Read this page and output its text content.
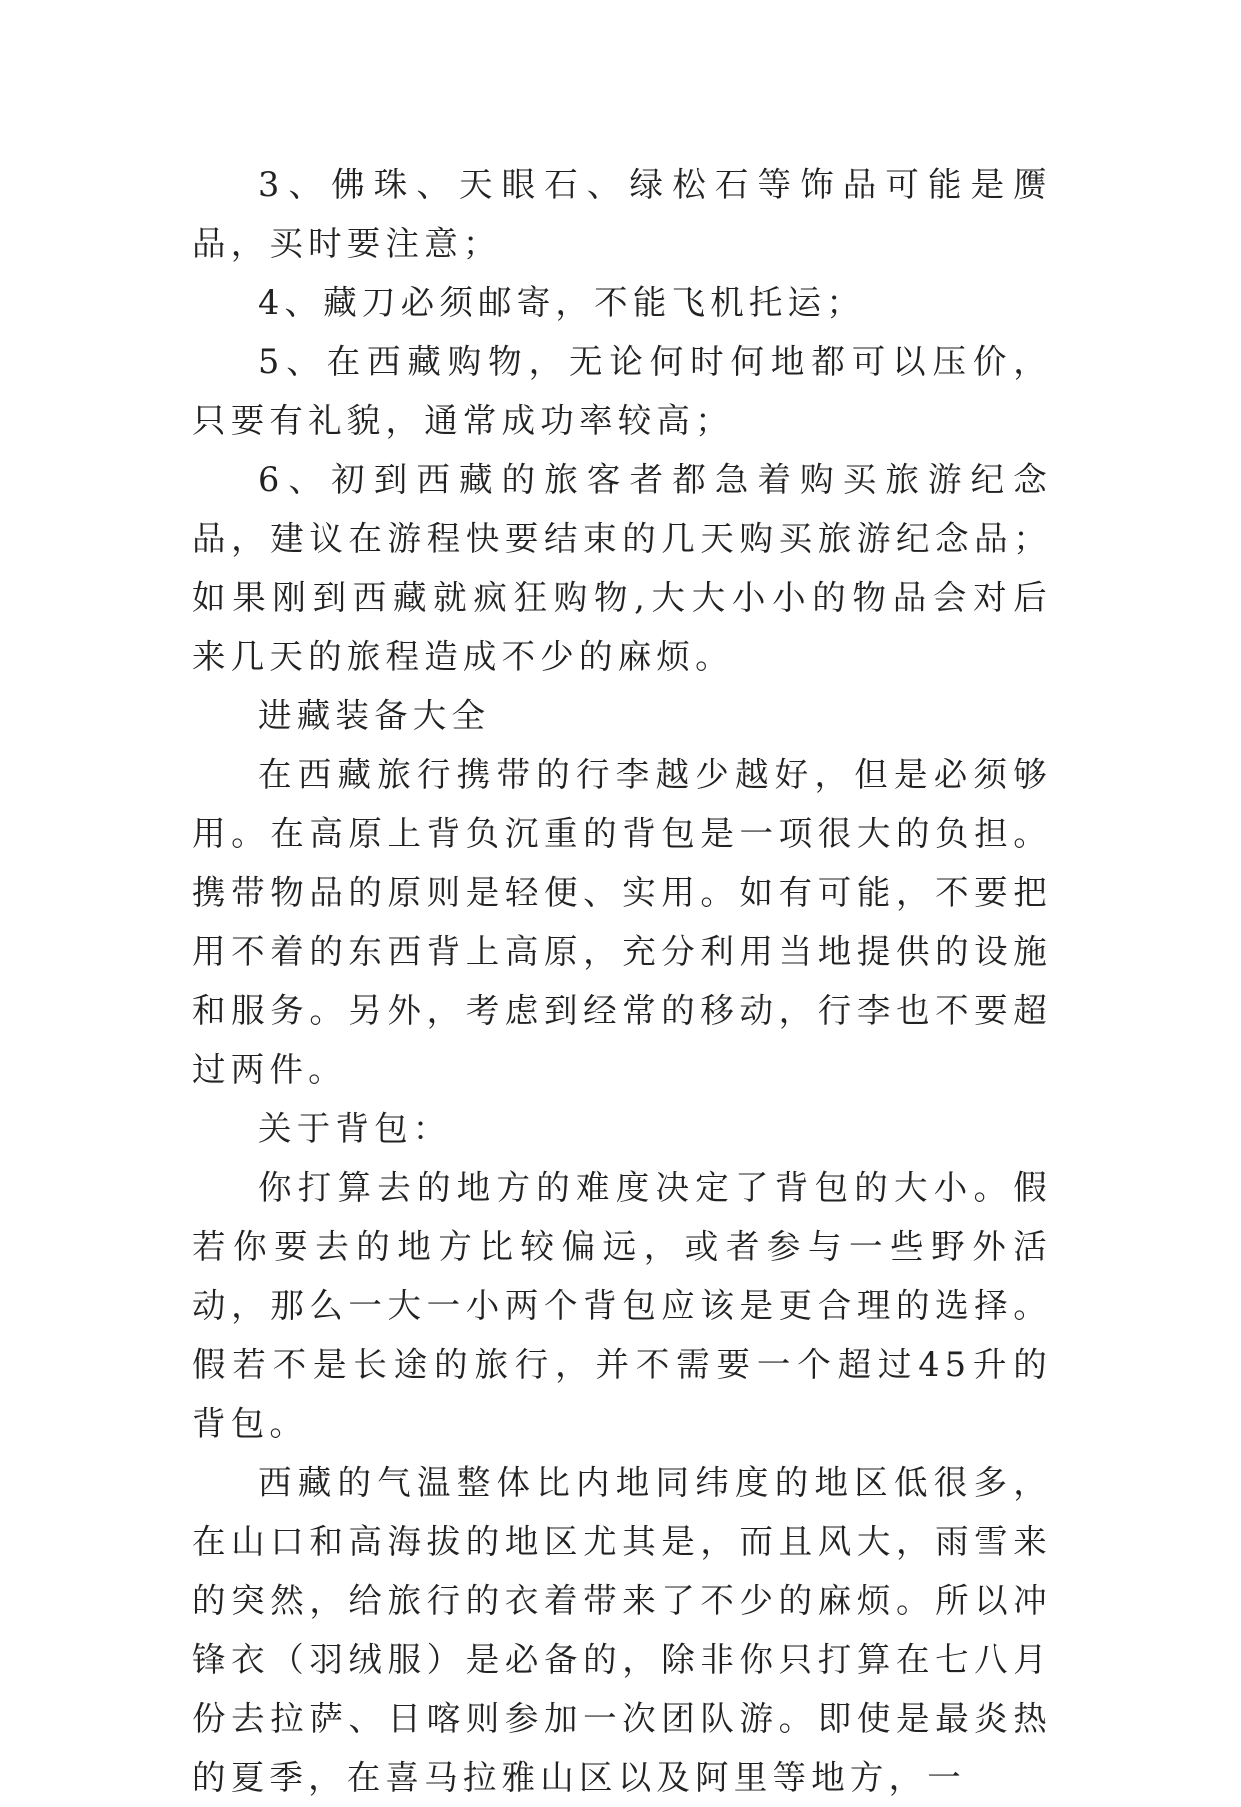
3、佛珠、天眼石、绿松石等饰品可能是赝品，买时要注意；

4、藏刀必须邮寄，不能飞机托运；

5、在西藏购物，无论何时何地都可以压价，只要有礼貌，通常成功率较高；

6、初到西藏的旅客者都急着购买旅游纪念品，建议在游程快要结束的几天购买旅游纪念品；如果刚到西藏就疯狂购物,大大小小的物品会对后来几天的旅程造成不少的麻烦。

进藏装备大全

在西藏旅行携带的行李越少越好，但是必须够用。在高原上背负沉重的背包是一项很大的负担。携带物品的原则是轻便、实用。如有可能，不要把用不着的东西背上高原，充分利用当地提供的设施和服务。另外，考虑到经常的移动，行李也不要超过两件。

关于背包：

你打算去的地方的难度决定了背包的大小。假若你要去的地方比较偏远，或者参与一些野外活动，那么一大一小两个背包应该是更合理的选择。假若不是长途的旅行，并不需要一个超过45升的背包。

西藏的气温整体比内地同纬度的地区低很多，在山口和高海拔的地区尤其是，而且风大，雨雪来的突然，给旅行的衣着带来了不少的麻烦。所以冲锋衣（羽绒服）是必备的，除非你只打算在七八月份去拉萨、日喀则参加一次团队游。即使是最炎热的夏季，在喜马拉雅山区以及阿里等地方，一
